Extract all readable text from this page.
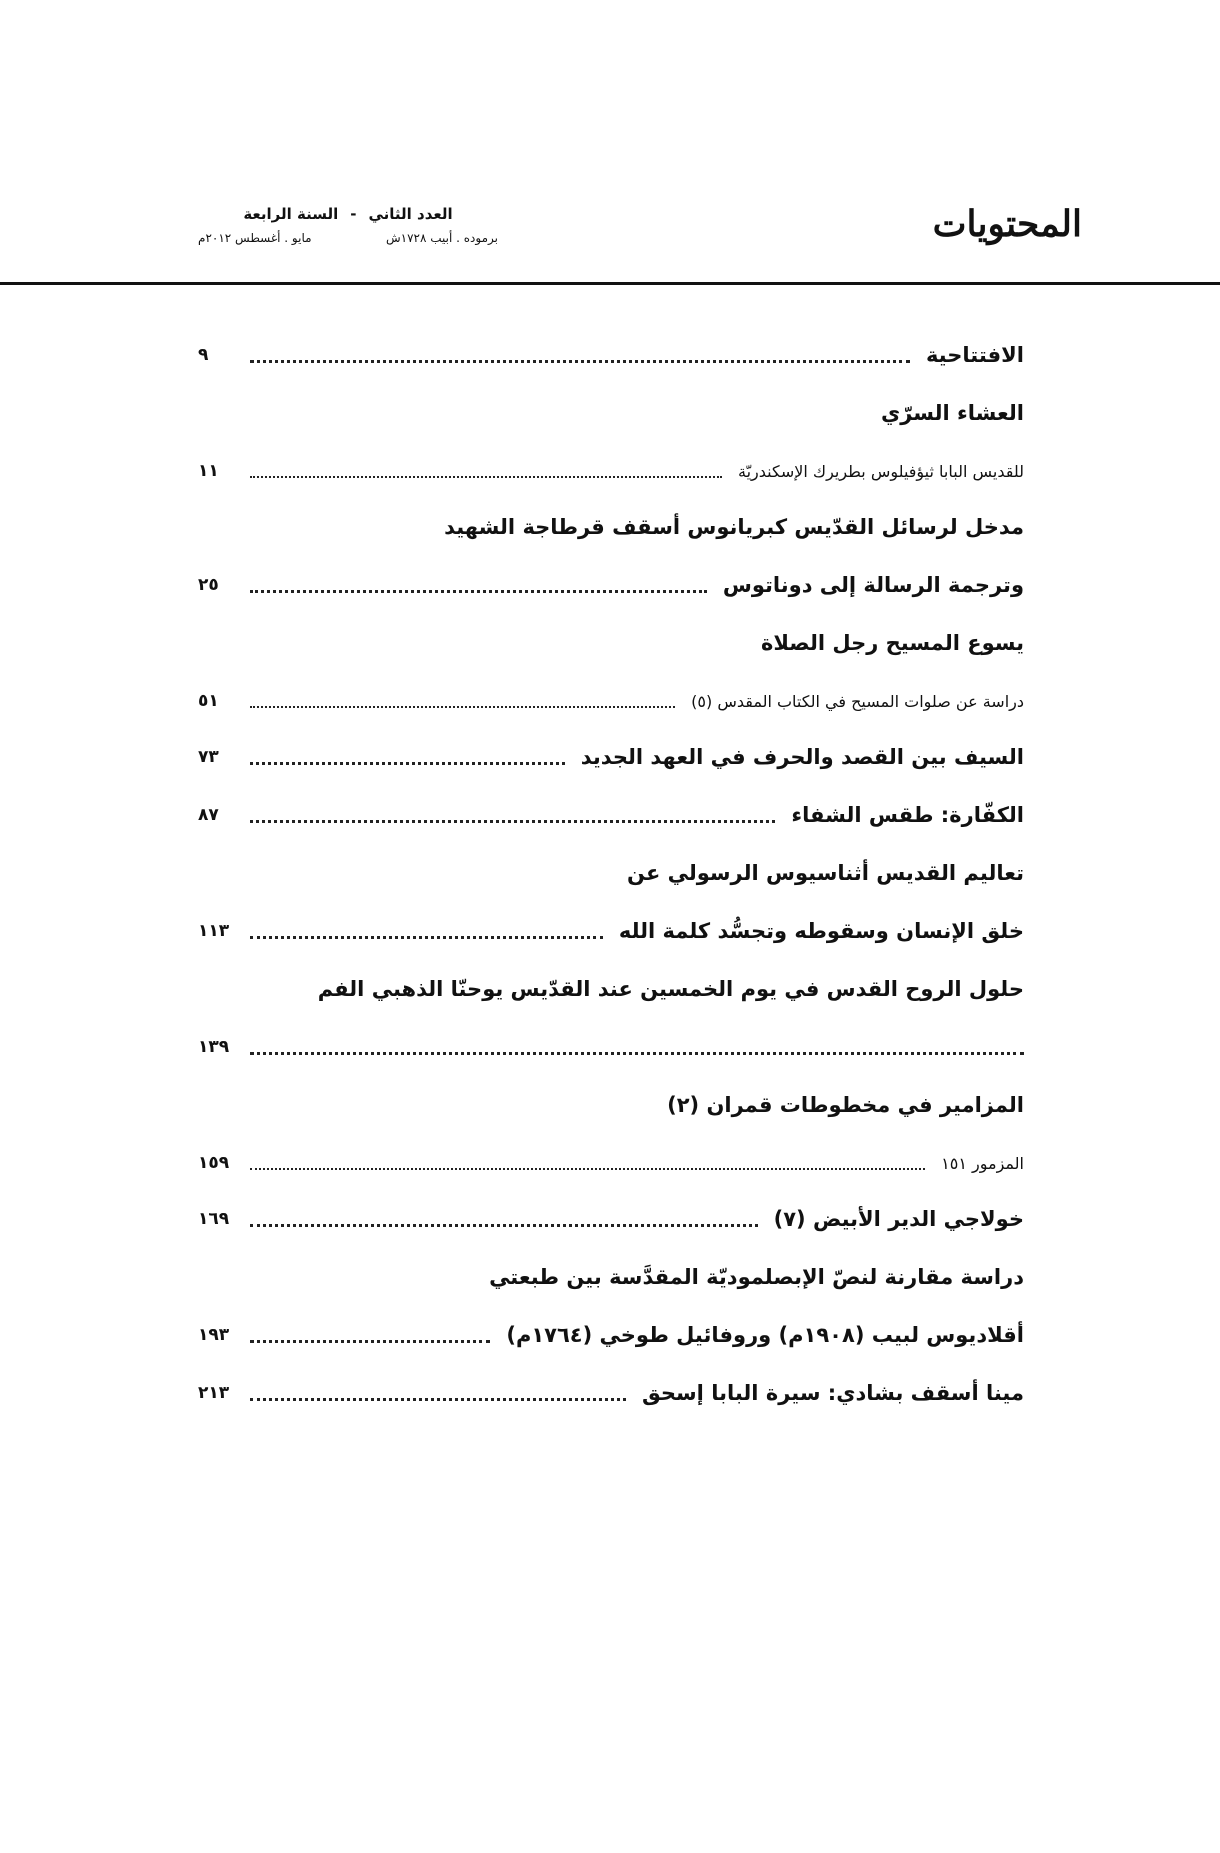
المحتويات
العدد الثاني-السنة الرابعة
مايو . أغسطس ٢٠١٢م	برموده . أبيب ١٧٢٨ش
الافتتاحية
٩
العشاء السرّي
للقديس البابا ثيؤفيلوس بطريرك الإسكندريّة
١١
مدخل لرسائل القدّيس كبريانوس أسقف قرطاجة الشهيد
وترجمة الرسالة إلى دوناتوس
٢٥
يسوع المسيح رجل الصلاة
دراسة عن صلوات المسيح في الكتاب المقدس (٥)
٥١
السيف بين القصد والحرف في العهد الجديد
٧٣
الكفّارة: طقس الشفاء
٨٧
تعاليم القديس أثناسيوس الرسولي عن
خلق الإنسان وسقوطه وتجسُّد كلمة الله
١١٣
حلول الروح القدس في يوم الخمسين عند القدّيس يوحنّا الذهبي الفم
١٣٩
المزامير في مخطوطات قمران (٢)
المزمور ١٥١
١٥٩
خولاجي الدير الأبيض (٧)
١٦٩
دراسة مقارنة لنصّ الإبصلموديّة المقدَّسة بين طبعتي
أقلاديوس لبيب (١٩٠٨م) وروفائيل طوخي (١٧٦٤م)
١٩٣
مينا أسقف بشادي: سيرة البابا إسحق
٢١٣
